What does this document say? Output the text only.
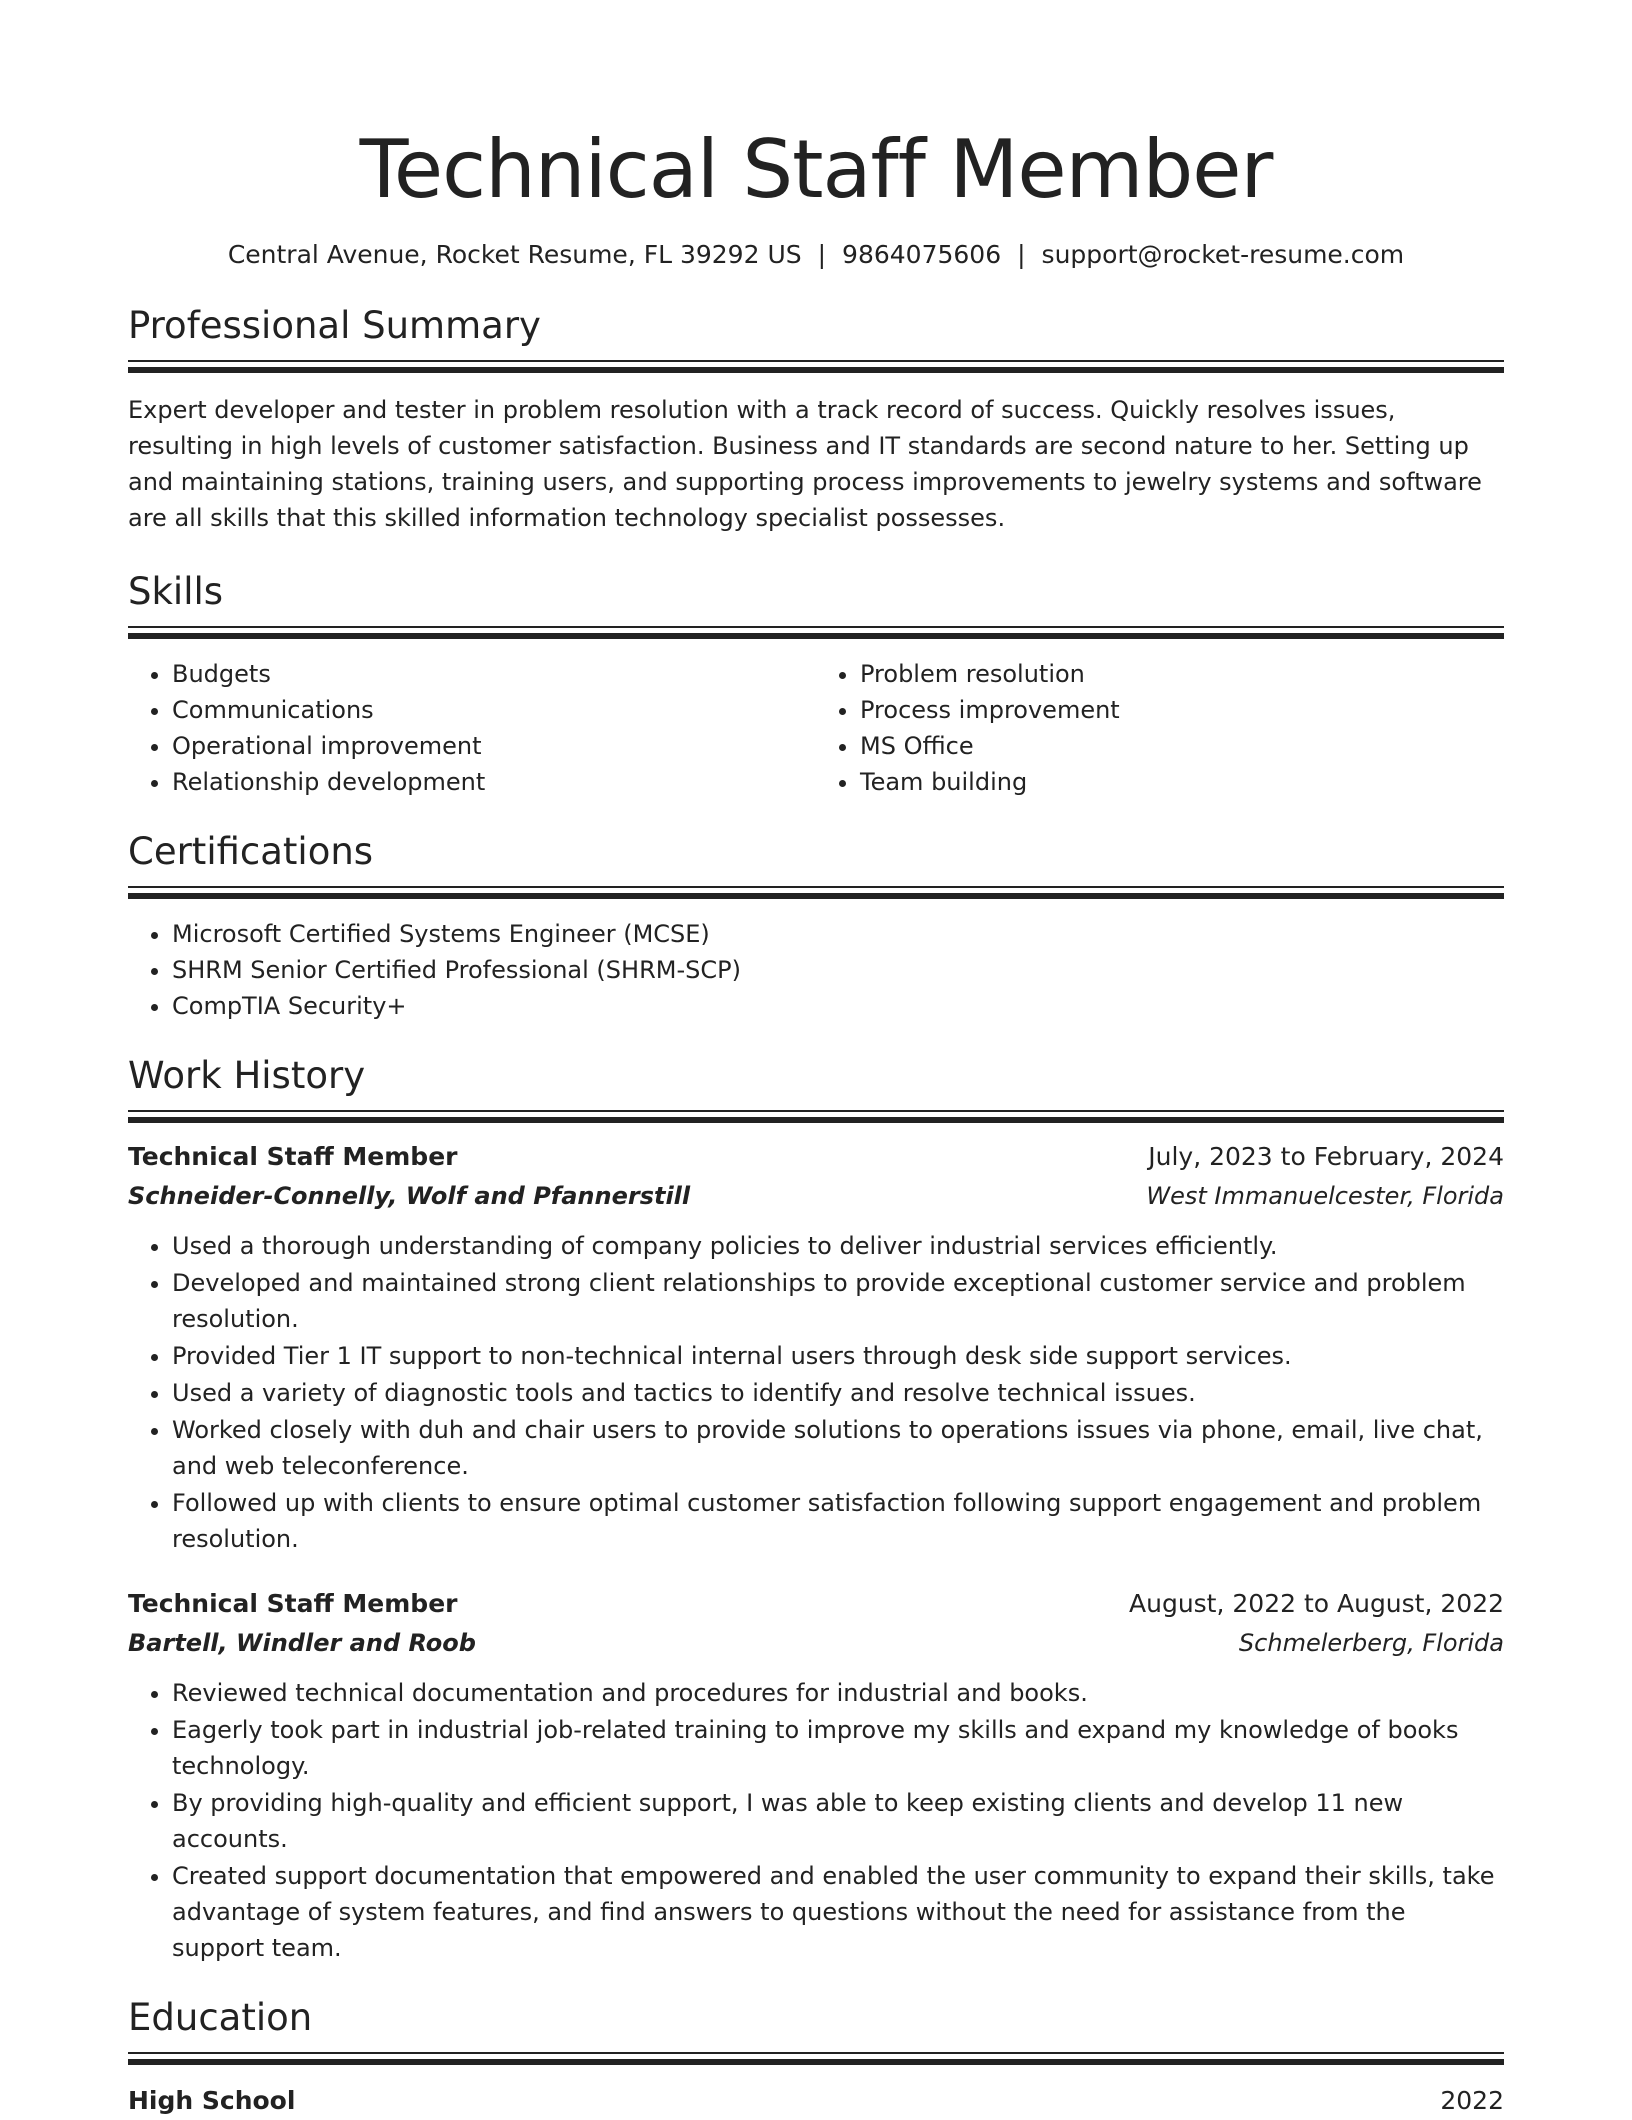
Technical Staff Member
Central Avenue, Rocket Resume, FL 39292 US | 9864075606 | support@rocket-resume.com
Professional Summary
Expert developer and tester in problem resolution with a track record of success. Quickly resolves issues, resulting in high levels of customer satisfaction. Business and IT standards are second nature to her. Setting up and maintaining stations, training users, and supporting process improvements to jewelry systems and software are all skills that this skilled information technology specialist possesses.
Skills
• Budgets
• Communications
• Operational improvement
• Relationship development
• Problem resolution
• Process improvement
• MS Office
• Team building
Certifications
• Microsoft Certified Systems Engineer (MCSE)
• SHRM Senior Certified Professional (SHRM-SCP)
• CompTIA Security+
Work History
Technical Staff Member	July, 2023 to February, 2024
Schneider-Connelly, Wolf and Pfannerstill	West Immanuelcester, Florida
• Used a thorough understanding of company policies to deliver industrial services efficiently.
• Developed and maintained strong client relationships to provide exceptional customer service and problem resolution.
• Provided Tier 1 IT support to non-technical internal users through desk side support services.
• Used a variety of diagnostic tools and tactics to identify and resolve technical issues.
• Worked closely with duh and chair users to provide solutions to operations issues via phone, email, live chat, and web teleconference.
• Followed up with clients to ensure optimal customer satisfaction following support engagement and problem resolution.
Technical Staff Member	August, 2022 to August, 2022
Bartell, Windler and Roob	Schmelerberg, Florida
• Reviewed technical documentation and procedures for industrial and books.
• Eagerly took part in industrial job-related training to improve my skills and expand my knowledge of books technology.
• By providing high-quality and efficient support, I was able to keep existing clients and develop 11 new accounts.
• Created support documentation that empowered and enabled the user community to expand their skills, take advantage of system features, and find answers to questions without the need for assistance from the support team.
Education
High School	2022
